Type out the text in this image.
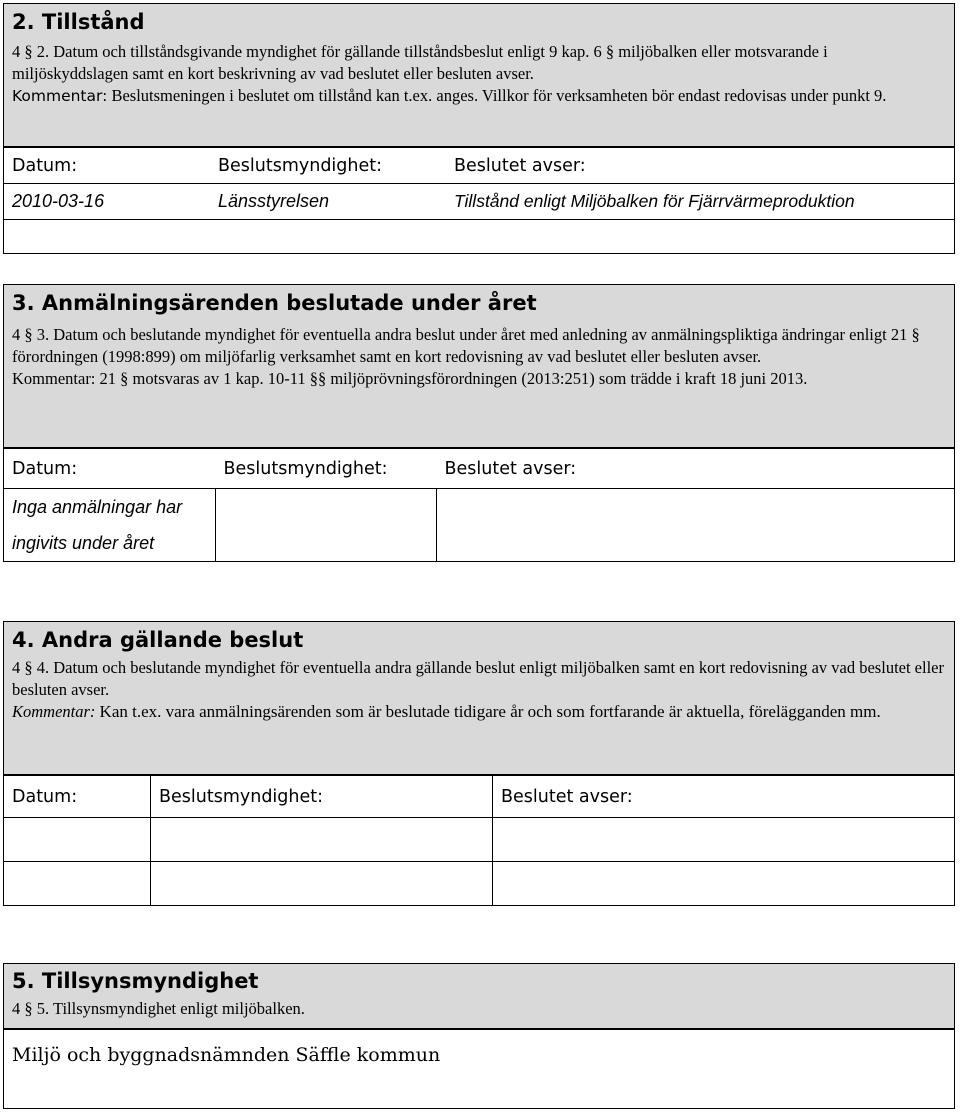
2. Tillstånd

4 § 2. Datum och tillståndsgivande myndighet för gällande tillståndsbeslut enligt 9 kap. 6 § miljöbalken eller motsvarande i miljöskyddslagen samt en kort beskrivning av vad beslutet eller besluten avser.
Kommentar: Beslutsmeningen i beslutet om tillstånd kan t.ex. anges. Villkor för verksamheten bör endast redovisas under punkt 9.

Datum:	Beslutsmyndighet:	Beslutet avser:
2010-03-16	Länsstyrelsen	Tillstånd enligt Miljöbalken för Fjärrvärmeproduktion

3. Anmälningsärenden beslutade under året

4 § 3. Datum och beslutande myndighet för eventuella andra beslut under året med anledning av anmälningspliktiga ändringar enligt 21 § förordningen (1998:899) om miljöfarlig verksamhet samt en kort redovisning av vad beslutet eller besluten avser.
Kommentar: 21 § motsvaras av 1 kap. 10-11 §§ miljöprövningsförordningen (2013:251) som trädde i kraft 18 juni 2013.

Datum:	Beslutsmyndighet:	Beslutet avser:
Inga anmälningar har ingivits under året		
4. Andra gällande beslut

4 § 4. Datum och beslutande myndighet för eventuella andra gällande beslut enligt miljöbalken samt en kort redovisning av vad beslutet eller besluten avser.
Kommentar: Kan t.ex. vara anmälningsärenden som är beslutade tidigare år och som fortfarande är aktuella, förelägganden mm.

Datum:	Beslutsmyndighet:	Beslutet avser:

5. Tillsynsmyndighet

4 § 5. Tillsynsmyndighet enligt miljöbalken.

Miljö och byggnadsnämnden Säffle kommun
